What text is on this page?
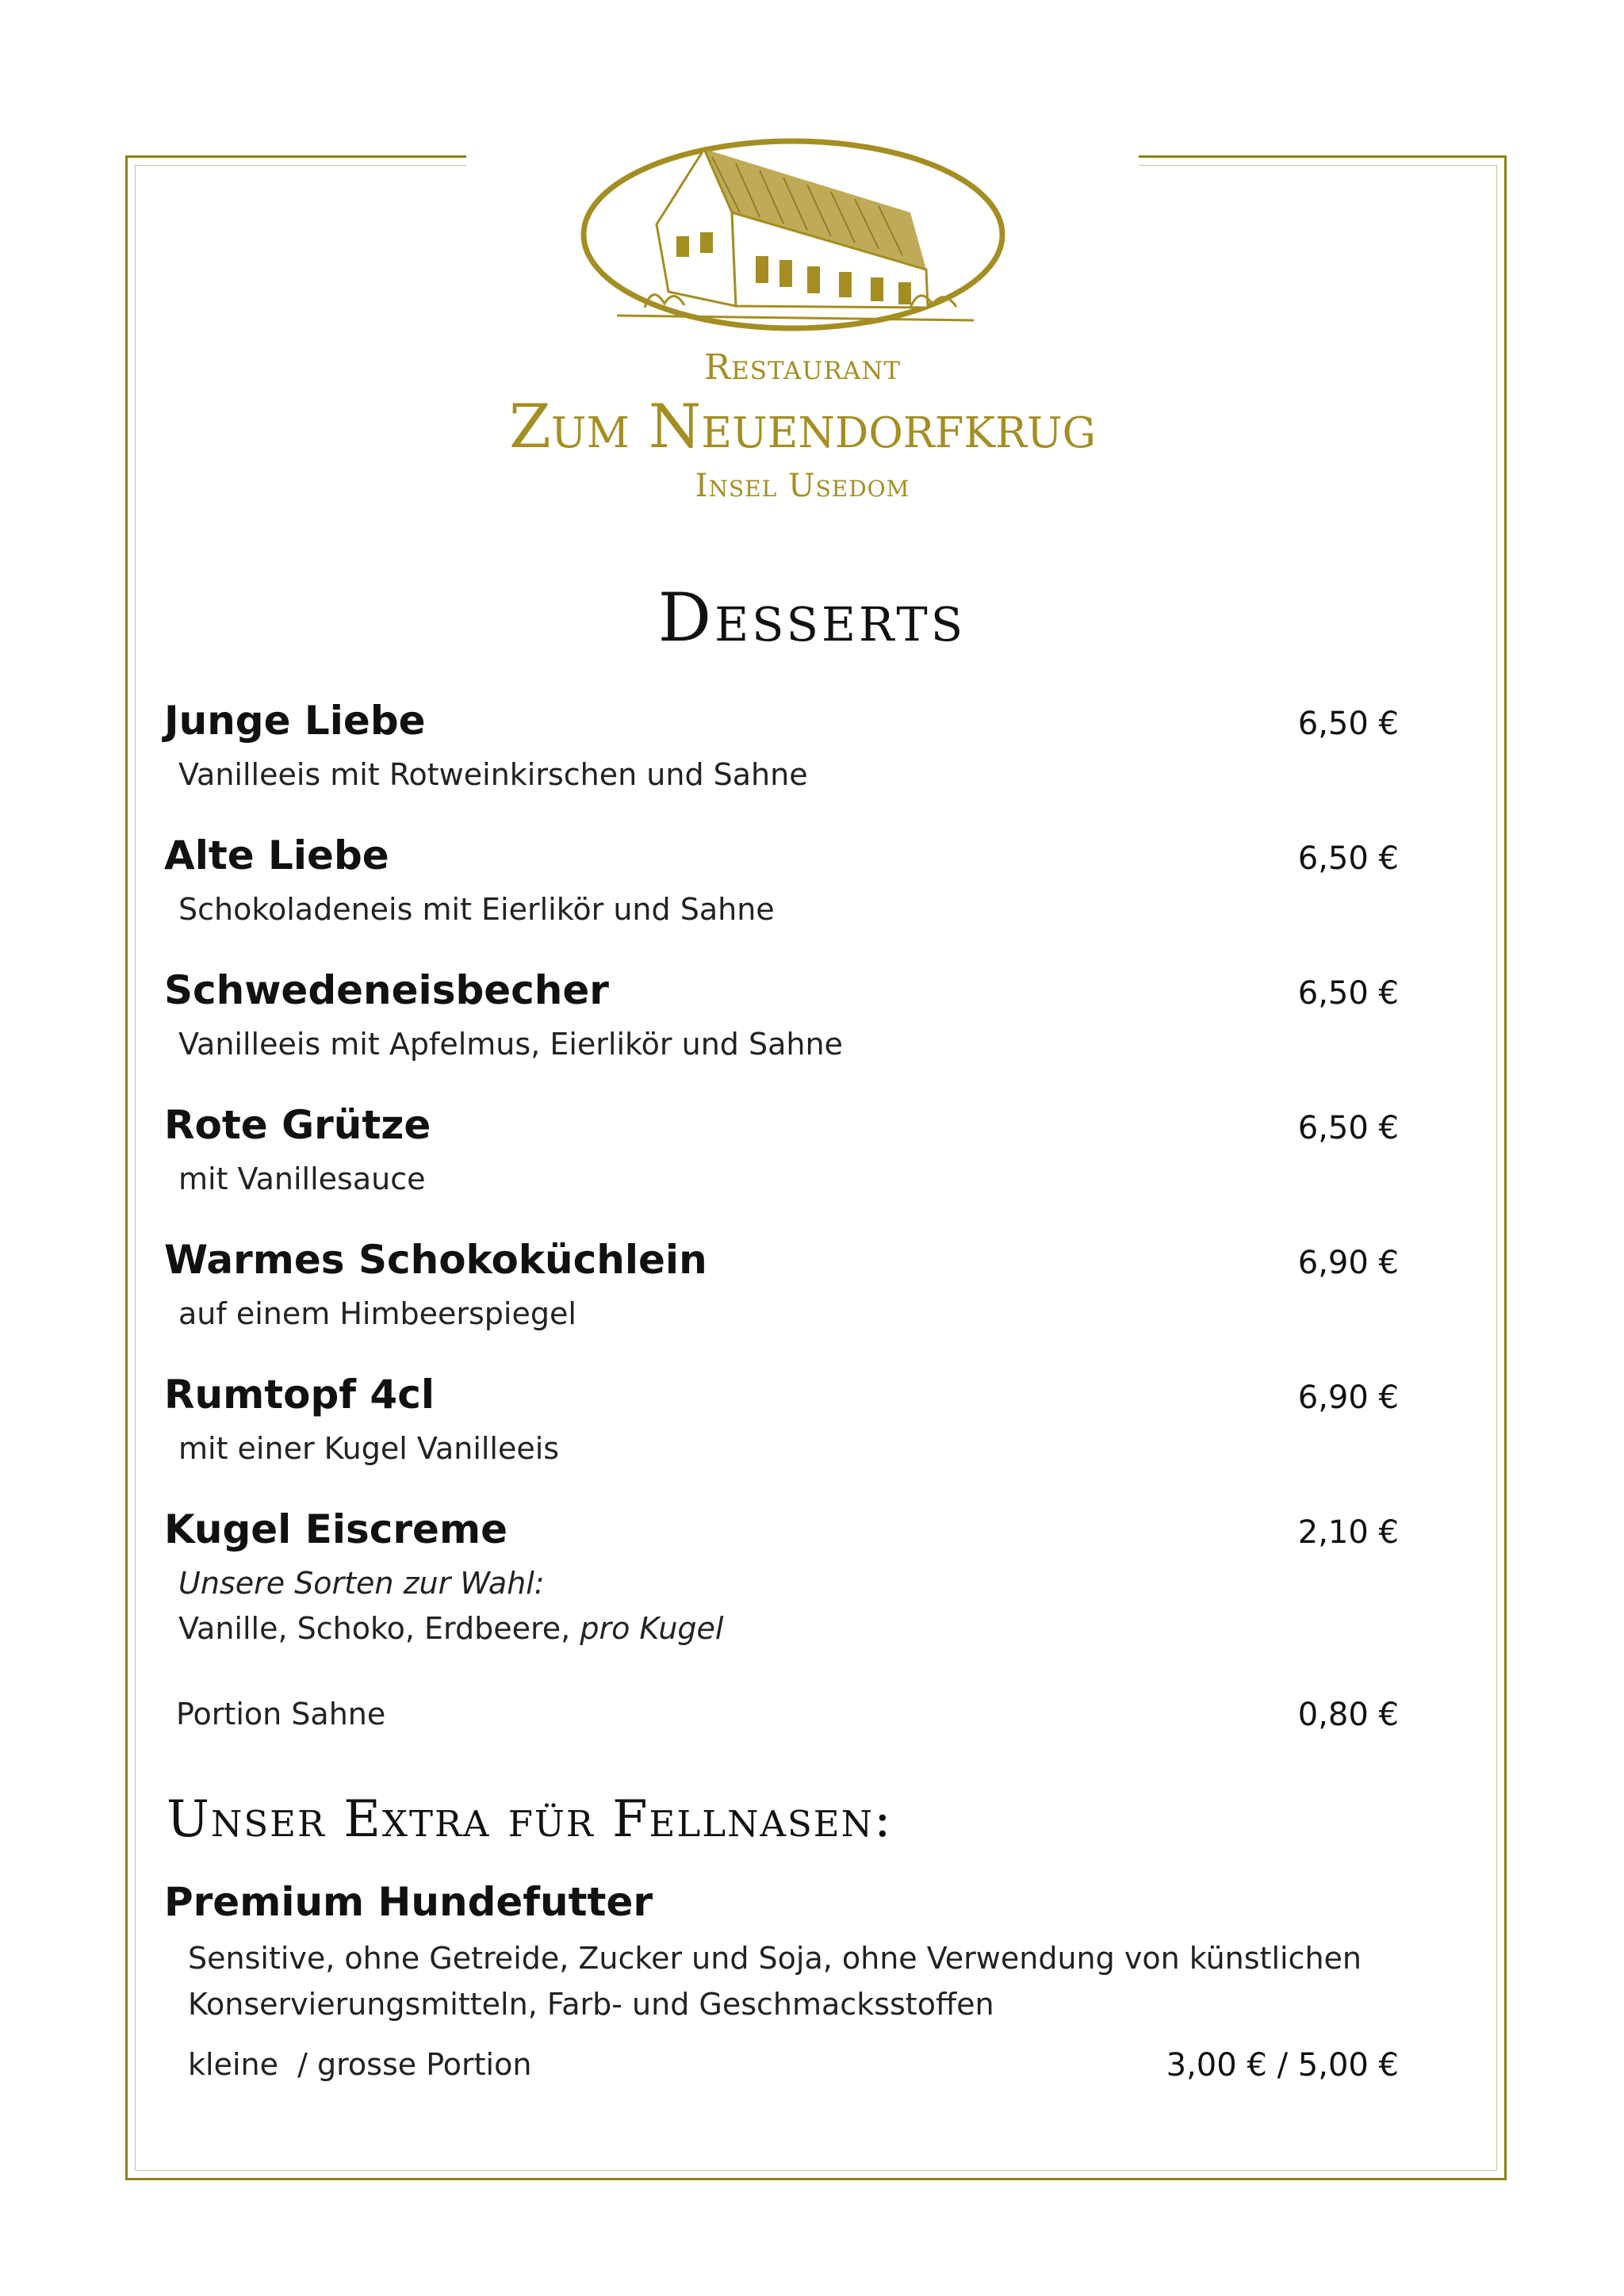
Restaurant
Zum Neuendorfkrug
Insel Usedom
Desserts
Junge Liebe	6,50 €
Vanilleeis mit Rotweinkirschen und Sahne
Alte Liebe	6,50 €
Schokoladeneis mit Eierlikör und Sahne
Schwedeneisbecher	6,50 €
Vanilleeis mit Apfelmus, Eierlikör und Sahne
Rote Grütze	6,50 €
mit Vanillesauce
Warmes Schokoküchlein	6,90 €
auf einem Himbeerspiegel
Rumtopf 4cl	6,90 €
mit einer Kugel Vanilleeis
Kugel Eiscreme	2,10 €
Unsere Sorten zur Wahl:
Vanille, Schoko, Erdbeere, pro Kugel
Portion Sahne	0,80 €
Unser Extra für Fellnasen:
Premium Hundefutter
Sensitive, ohne Getreide, Zucker und Soja, ohne Verwendung von künstlichen
Konservierungsmitteln, Farb- und Geschmacksstoffen
kleine  / grosse Portion	3,00 € / 5,00 €
